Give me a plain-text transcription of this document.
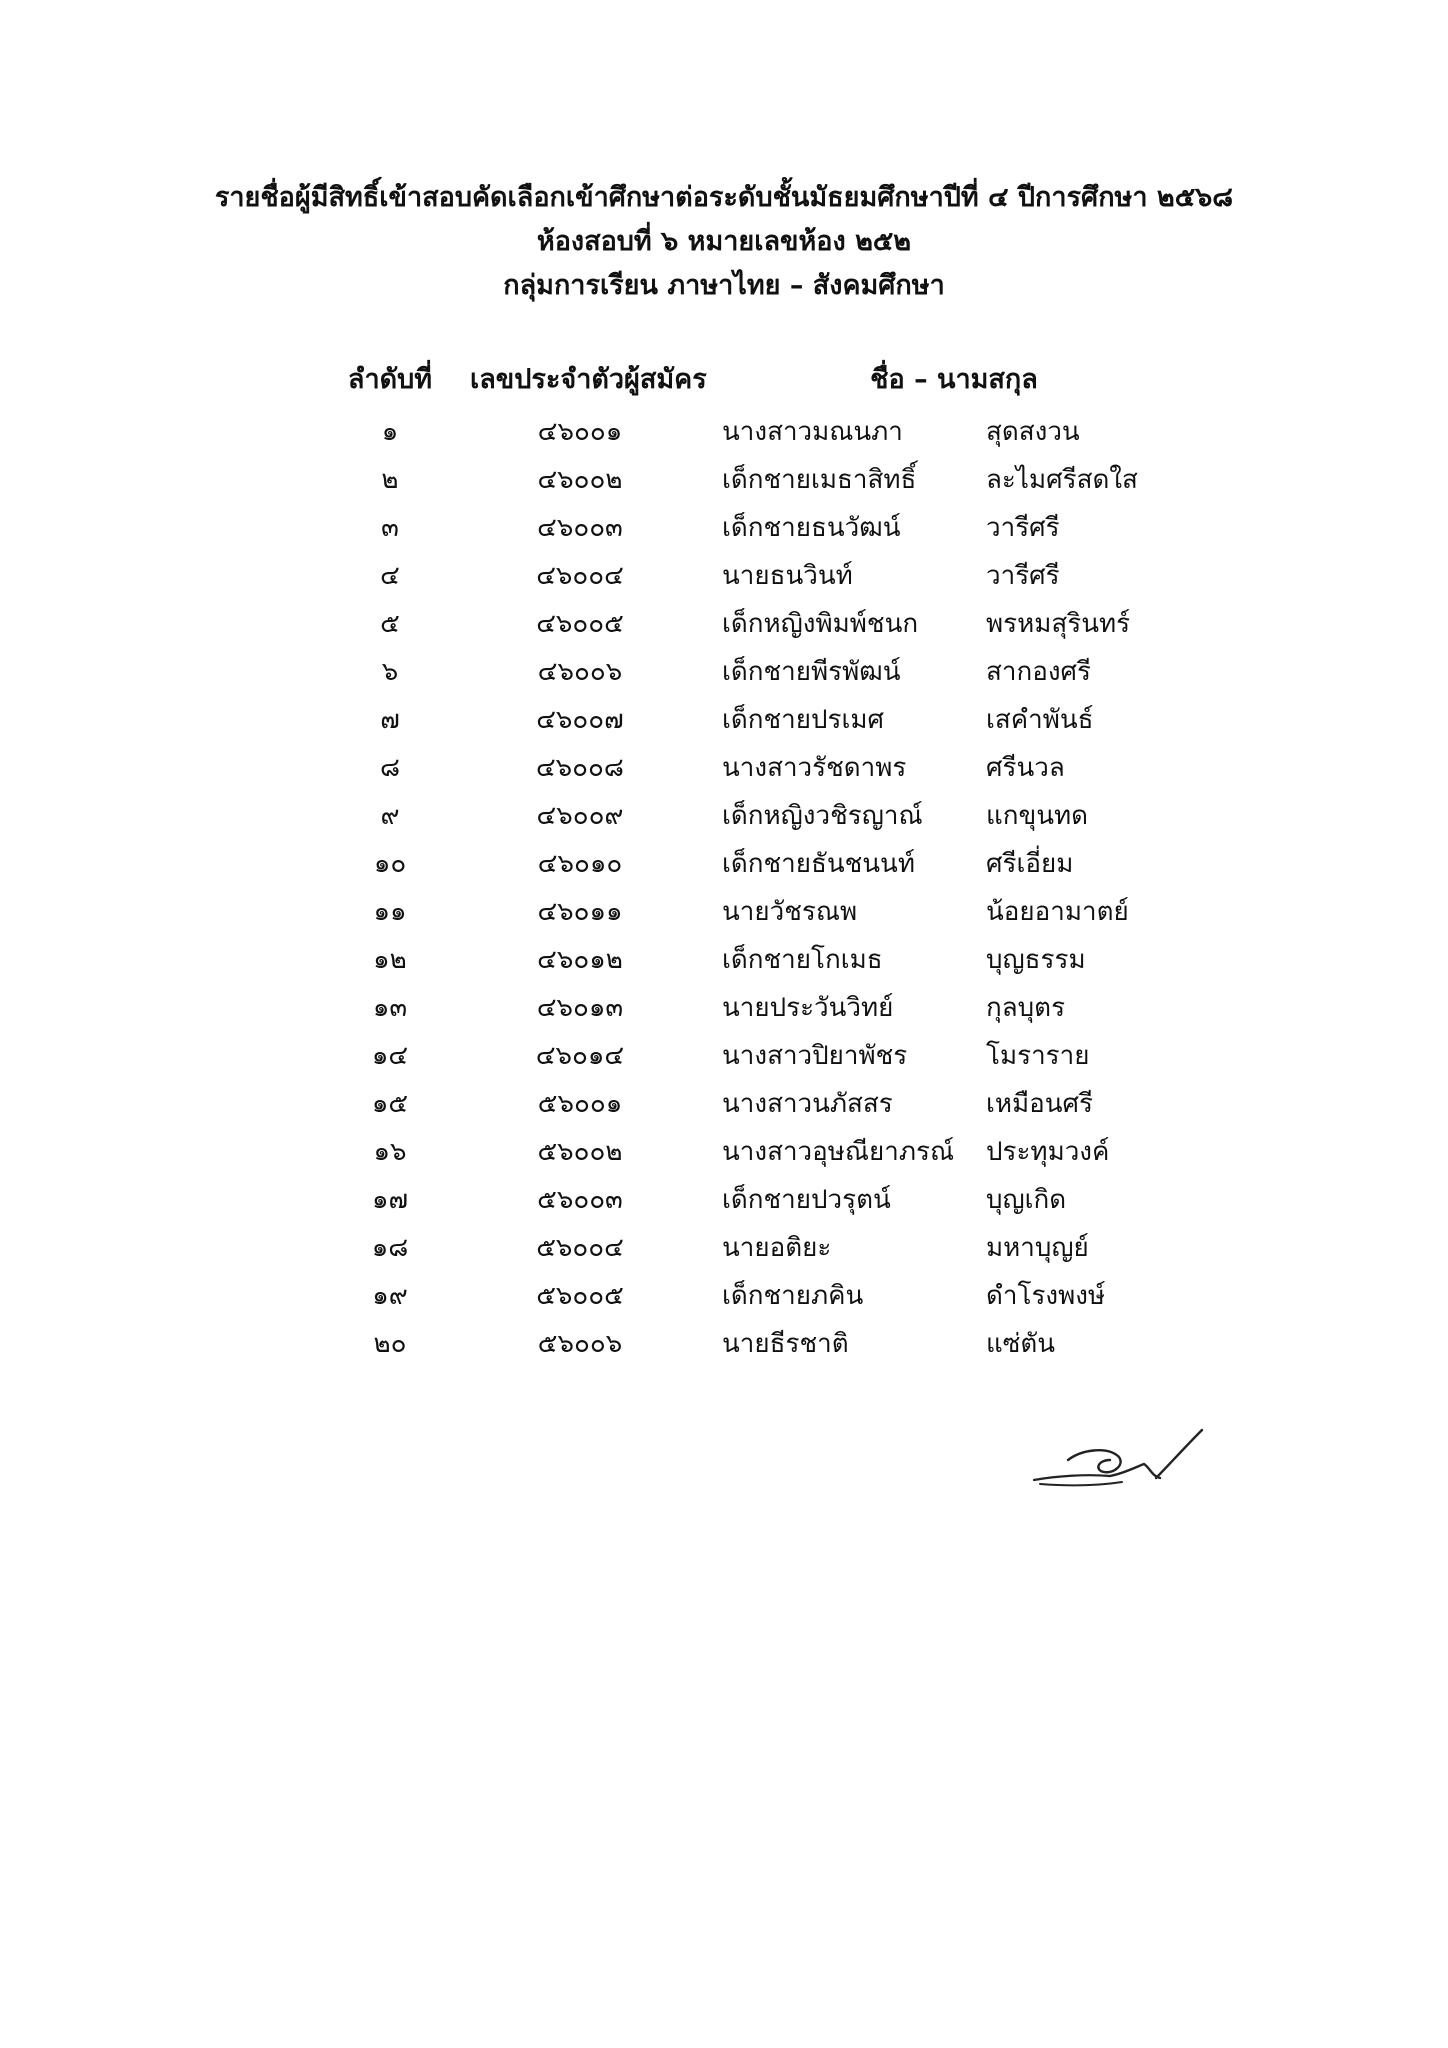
รายชื่อผู้มีสิทธิ์เข้าสอบคัดเลือกเข้าศึกษาต่อระดับชั้นมัธยมศึกษาปีที่ ๔ ปีการศึกษา ๒๕๖๘
ห้องสอบที่ ๖ หมายเลขห้อง ๒๕๒
กลุ่มการเรียน ภาษาไทย – สังคมศึกษา
ลำดับที่ เลขประจำตัวผู้สมัคร	ชื่อ – นามสกุล
๑	๔๖๐๐๑	นางสาวมณนภา	สุดสงวน
๒	๔๖๐๐๒	เด็กชายเมธาสิทธิ์	ละไมศรีสดใส
๓	๔๖๐๐๓	เด็กชายธนวัฒน์	วารีศรี
๔	๔๖๐๐๔	นายธนวินท์	วารีศรี
๕	๔๖๐๐๕	เด็กหญิงพิมพ์ชนก	พรหมสุรินทร์
๖	๔๖๐๐๖	เด็กชายพีรพัฒน์	สากองศรี
๗	๔๖๐๐๗	เด็กชายปรเมศ	เสคำพันธ์
๘	๔๖๐๐๘	นางสาวรัชดาพร	ศรีนวล
๙	๔๖๐๐๙	เด็กหญิงวชิรญาณ์	แกขุนทด
๑๐	๔๖๐๑๐	เด็กชายธันชนนท์	ศรีเอี่ยม
๑๑	๔๖๐๑๑	นายวัชรณพ	น้อยอามาตย์
๑๒	๔๖๐๑๒	เด็กชายโกเมธ	บุญธรรม
๑๓	๔๖๐๑๓	นายประวันวิทย์	กุลบุตร
๑๔	๔๖๐๑๔	นางสาวปิยาพัชร	โมราราย
๑๕	๕๖๐๐๑	นางสาวนภัสสร	เหมือนศรี
๑๖	๕๖๐๐๒	นางสาวอุษณียาภรณ์	ประทุมวงค์
๑๗	๕๖๐๐๓	เด็กชายปวรุตน์	บุญเกิด
๑๘	๕๖๐๐๔	นายอติยะ	มหาบุญย์
๑๙	๕๖๐๐๕	เด็กชายภคิน	ดำโรงพงษ์
๒๐	๕๖๐๐๖	นายธีรชาติ	แซ่ตัน
